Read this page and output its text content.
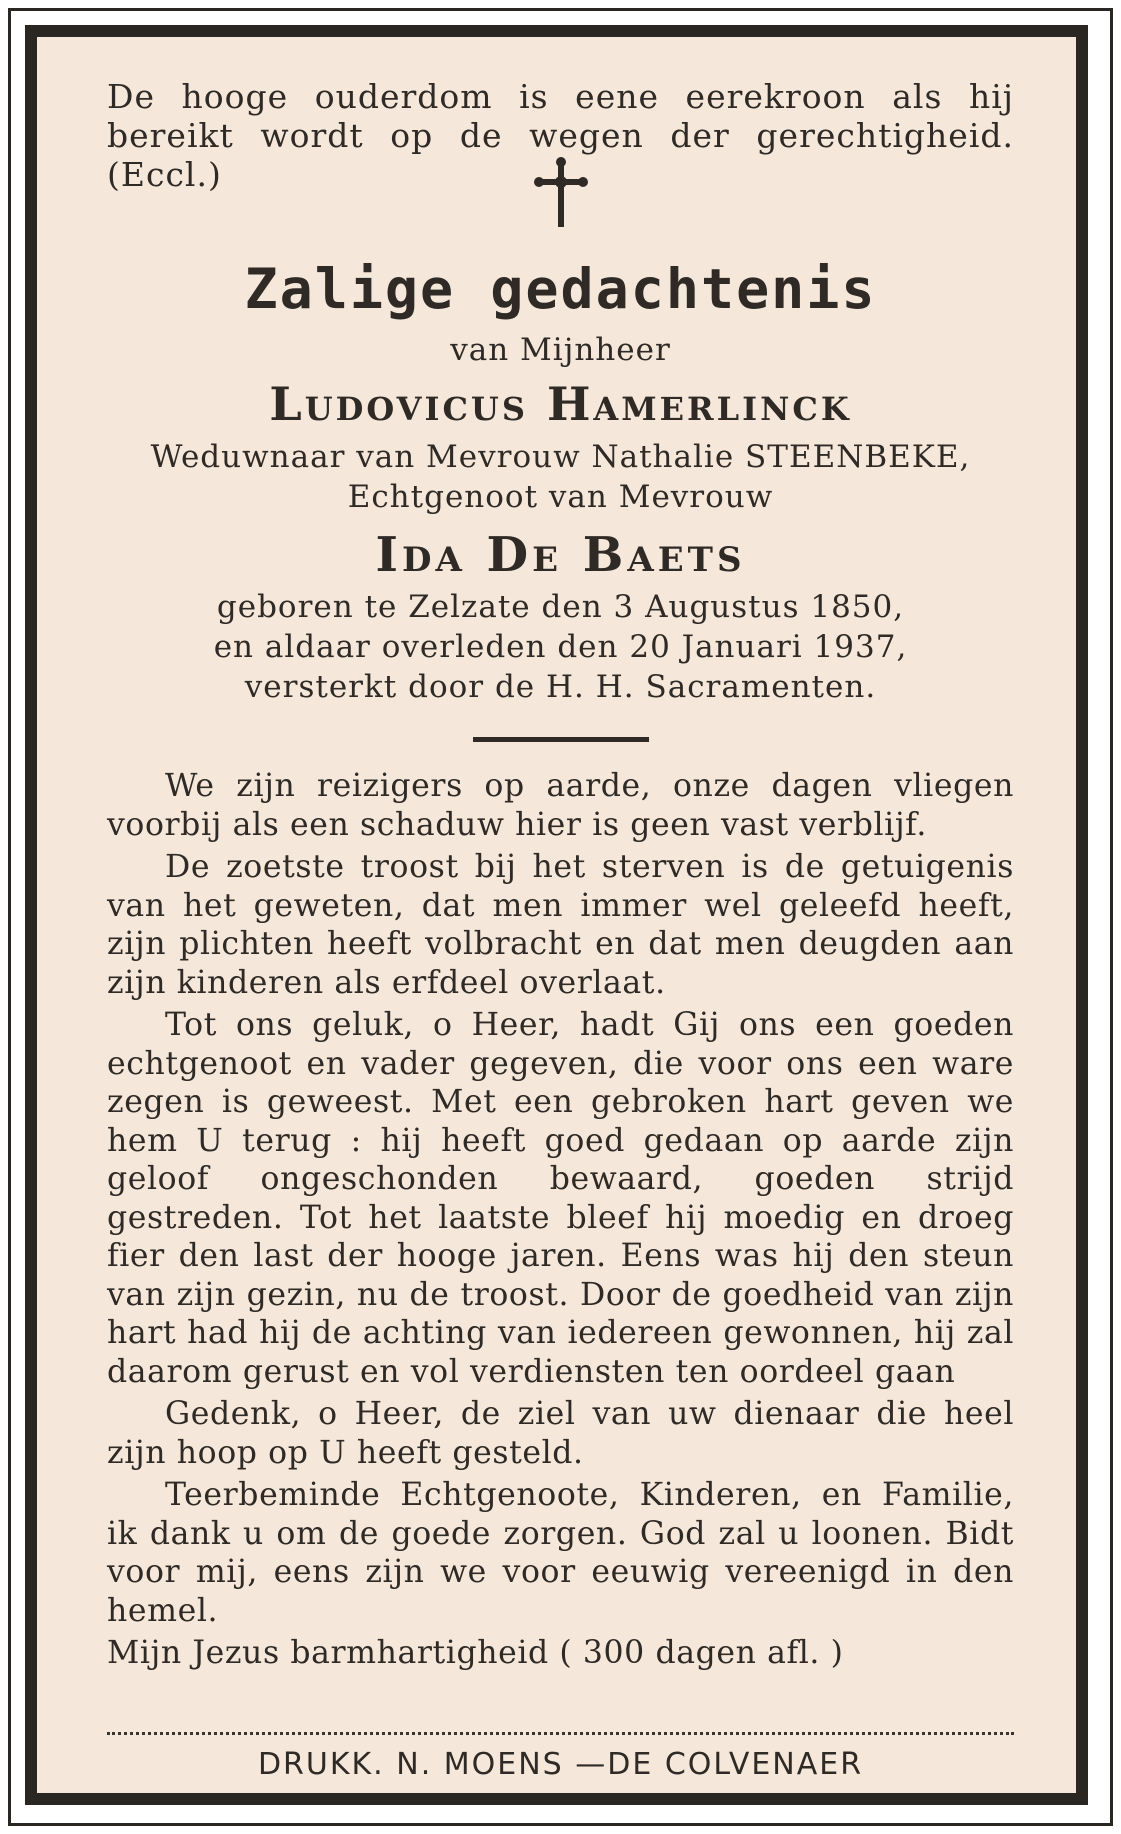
De hooge ouderdom is eene eerekroon als hij bereikt wordt op de wegen der gerechtigheid. (Eccl.)
Zalige gedachtenis
van Mijnheer
Ludovicus Hamerlinck
Weduwnaar van Mevrouw Nathalie STEENBEKE,
Echtgenoot van Mevrouw
Ida De Baets
geboren te Zelzate den 3 Augustus 1850,
en aldaar overleden den 20 Januari 1937,
versterkt door de H. H. Sacramenten.

We zijn reizigers op aarde, onze dagen vliegen voorbij als een schaduw hier is geen vast verblijf.

De zoetste troost bij het sterven is de getuigenis van het geweten, dat men immer wel geleefd heeft, zijn plichten heeft volbracht en dat men deugden aan zijn kinderen als erfdeel overlaat.

Tot ons geluk, o Heer, hadt Gij ons een goeden echtgenoot en vader gegeven, die voor ons een ware zegen is geweest. Met een gebroken hart geven we hem U terug : hij heeft goed gedaan op aarde zijn geloof ongeschonden bewaard, goeden strijd gestreden. Tot het laatste bleef hij moedig en droeg fier den last der hooge jaren. Eens was hij den steun van zijn gezin, nu de troost. Door de goedheid van zijn hart had hij de achting van iedereen gewonnen, hij zal daarom gerust en vol verdiensten ten oordeel gaan

Gedenk, o Heer, de ziel van uw dienaar die heel zijn hoop op U heeft gesteld.

Teerbeminde Echtgenoote, Kinderen, en Familie, ik dank u om de goede zorgen. God zal u loonen. Bidt voor mij, eens zijn we voor eeuwig vereenigd in den hemel.

Mijn Jezus barmhartigheid ( 300 dagen afl. )

DRUKK. N. MOENS —DE COLVENAER
